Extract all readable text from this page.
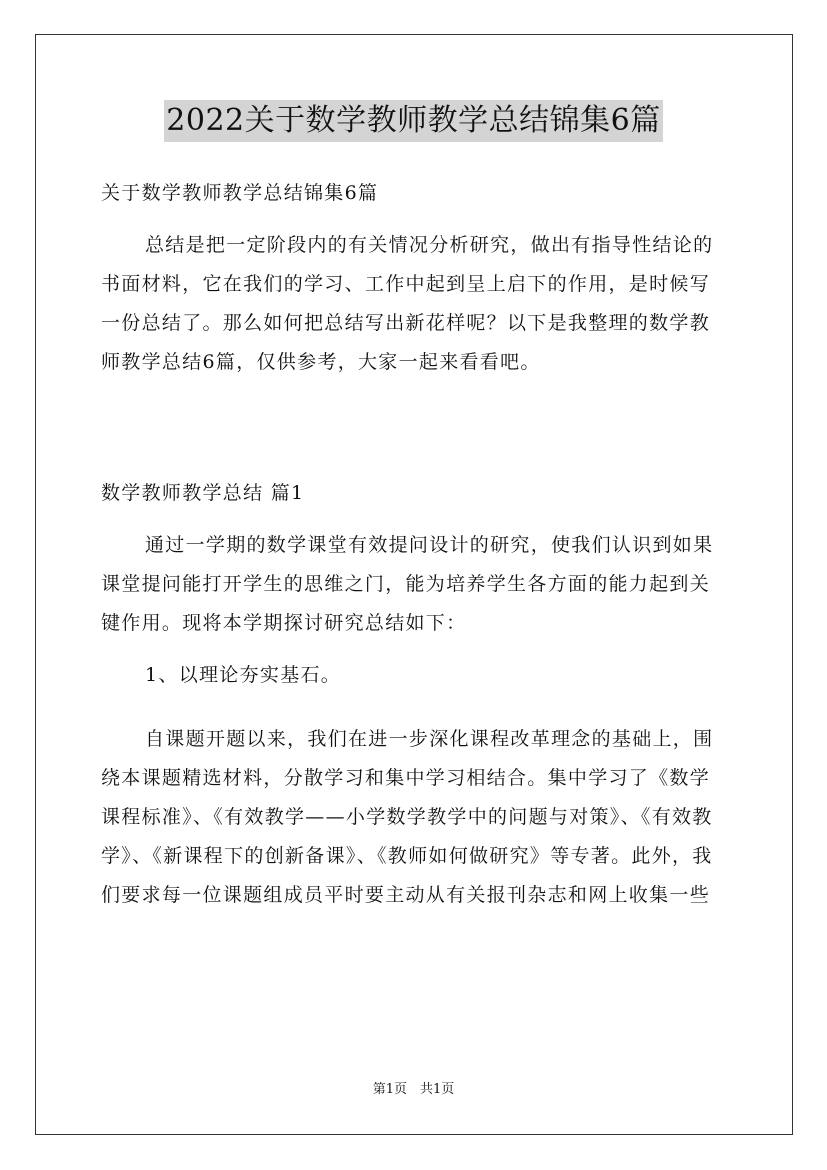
2022关于数学教师教学总结锦集6篇
关于数学教师教学总结锦集6篇
总结是把一定阶段内的有关情况分析研究，做出有指导性结论的
书面材料，它在我们的学习、工作中起到呈上启下的作用，是时候写
一份总结了。那么如何把总结写出新花样呢？以下是我整理的数学教
师教学总结6篇，仅供参考，大家一起来看看吧。
数学教师教学总结 篇1
通过一学期的数学课堂有效提问设计的研究，使我们认识到如果
课堂提问能打开学生的思维之门，能为培养学生各方面的能力起到关
键作用。现将本学期探讨研究总结如下：
1、以理论夯实基石。
自课题开题以来，我们在进一步深化课程改革理念的基础上，围
绕本课题精选材料，分散学习和集中学习相结合。集中学习了《数学
课程标准》、《有效教学——小学数学教学中的问题与对策》、《有效教
学》、《新课程下的创新备课》、《教师如何做研究》等专著。此外，我
们要求每一位课题组成员平时要主动从有关报刊杂志和网上收集一些
第1页　共1页
